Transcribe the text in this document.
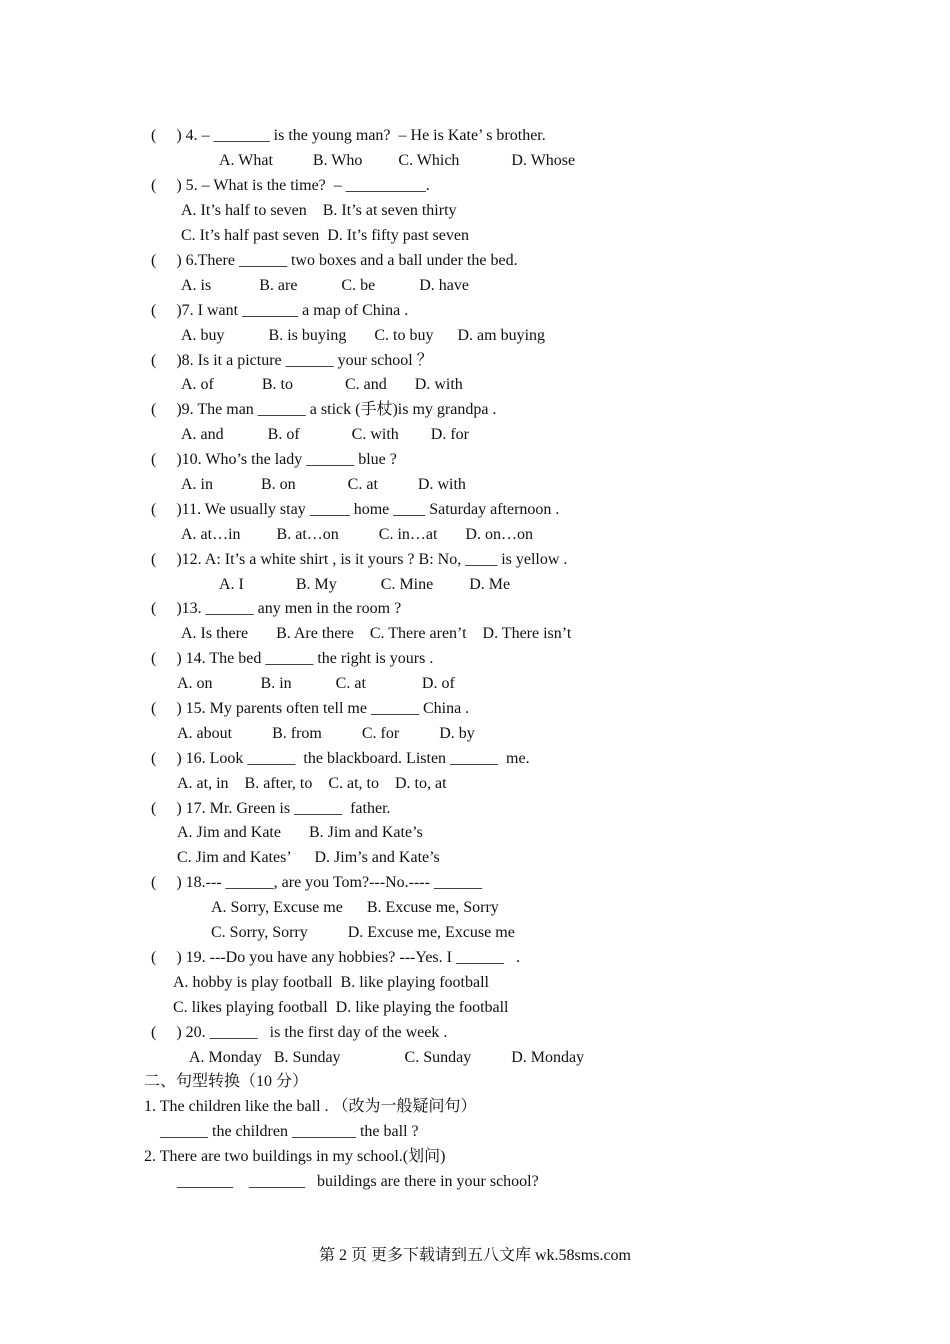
(     ) 4. – _______ is the young man?  – He is Kate’ s brother.
A. What          B. Who         C. Which             D. Whose
(     ) 5. – What is the time?  – __________.
A. It’s half to seven    B. It’s at seven thirty
C. It’s half past seven  D. It’s fifty past seven
(     ) 6.There ______ two boxes and a ball under the bed.
A. is            B. are           C. be           D. have
(     )7. I want _______ a map of China .
A. buy           B. is buying       C. to buy      D. am buying
(     )8. Is it a picture ______ your school ？
A. of            B. to             C. and       D. with
(     )9. The man ______ a stick (手杖)is my grandpa .
A. and           B. of             C. with        D. for
(     )10. Who’s the lady ______ blue ?
A. in            B. on             C. at          D. with
(     )11. We usually stay _____ home ____ Saturday afternoon .
A. at…in         B. at…on          C. in…at       D. on…on
(     )12. A: It’s a white shirt , is it yours ? B: No, ____ is yellow .
A. I             B. My           C. Mine         D. Me
(     )13. ______ any men in the room ?
A. Is there       B. Are there    C. There aren’t    D. There isn’t
(     ) 14. The bed ______ the right is yours .
A. on            B. in           C. at              D. of
(     ) 15. My parents often tell me ______ China .
A. about          B. from          C. for          D. by
(     ) 16. Look ______  the blackboard. Listen ______  me.
A. at, in    B. after, to    C. at, to    D. to, at
(     ) 17. Mr. Green is ______  father.
A. Jim and Kate       B. Jim and Kate’s
C. Jim and Kates’      D. Jim’s and Kate’s
(     ) 18.--- ______, are you Tom?---No.---- ______
A. Sorry, Excuse me      B. Excuse me, Sorry
C. Sorry, Sorry          D. Excuse me, Excuse me
(     ) 19. ---Do you have any hobbies? ---Yes. I ______   .
A. hobby is play football  B. like playing football
C. likes playing football  D. like playing the football
(     ) 20. ______   is the first day of the week .
A. Monday   B. Sunday                C. Sunday          D. Monday
二、句型转换（10 分）
1. The children like the ball . （改为一般疑问句）
______ the children ________ the ball ?
2. There are two buildings in my school.(划问)
_______    _______   buildings are there in your school?
第 2 页 更多下载请到五八文库 wk.58sms.com
